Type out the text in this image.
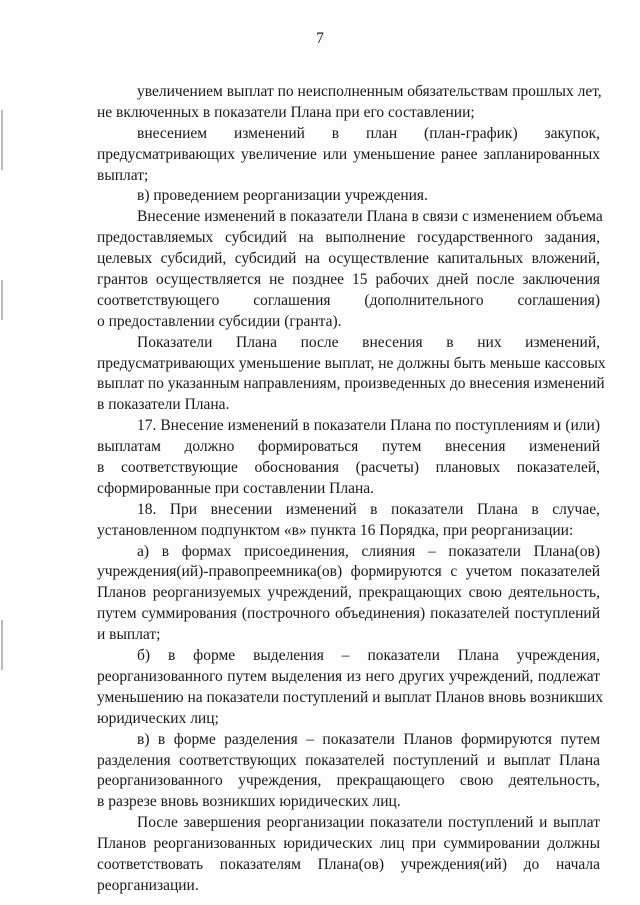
7
увеличением выплат по неисполненным обязательствам прошлых лет,
не включенных в показатели Плана при его составлении;
внесением изменений в план (план-график) закупок,
предусматривающих увеличение или уменьшение ранее запланированных
выплат;
в) проведением реорганизации учреждения.
Внесение изменений в показатели Плана в связи с изменением объема
предоставляемых субсидий на выполнение государственного задания,
целевых субсидий, субсидий на осуществление капитальных вложений,
грантов осуществляется не позднее 15 рабочих дней после заключения
соответствующего соглашения (дополнительного соглашения)
о предоставлении субсидии (гранта).
Показатели Плана после внесения в них изменений,
предусматривающих уменьшение выплат, не должны быть меньше кассовых
выплат по указанным направлениям, произведенных до внесения изменений
в показатели Плана.
17. Внесение изменений в показатели Плана по поступлениям и (или)
выплатам должно формироваться путем внесения изменений
в соответствующие обоснования (расчеты) плановых показателей,
сформированные при составлении Плана.
18. При внесении изменений в показатели Плана в случае,
установленном подпунктом «в» пункта 16 Порядка, при реорганизации:
а) в формах присоединения, слияния – показатели Плана(ов)
учреждения(ий)-правопреемника(ов) формируются с учетом показателей
Планов реорганизуемых учреждений, прекращающих свою деятельность,
путем суммирования (построчного объединения) показателей поступлений
и выплат;
б) в форме выделения – показатели Плана учреждения,
реорганизованного путем выделения из него других учреждений, подлежат
уменьшению на показатели поступлений и выплат Планов вновь возникших
юридических лиц;
в) в форме разделения – показатели Планов формируются путем
разделения соответствующих показателей поступлений и выплат Плана
реорганизованного учреждения, прекращающего свою деятельность,
в разрезе вновь возникших юридических лиц.
После завершения реорганизации показатели поступлений и выплат
Планов реорганизованных юридических лиц при суммировании должны
соответствовать показателям Плана(ов) учреждения(ий) до начала
реорганизации.
